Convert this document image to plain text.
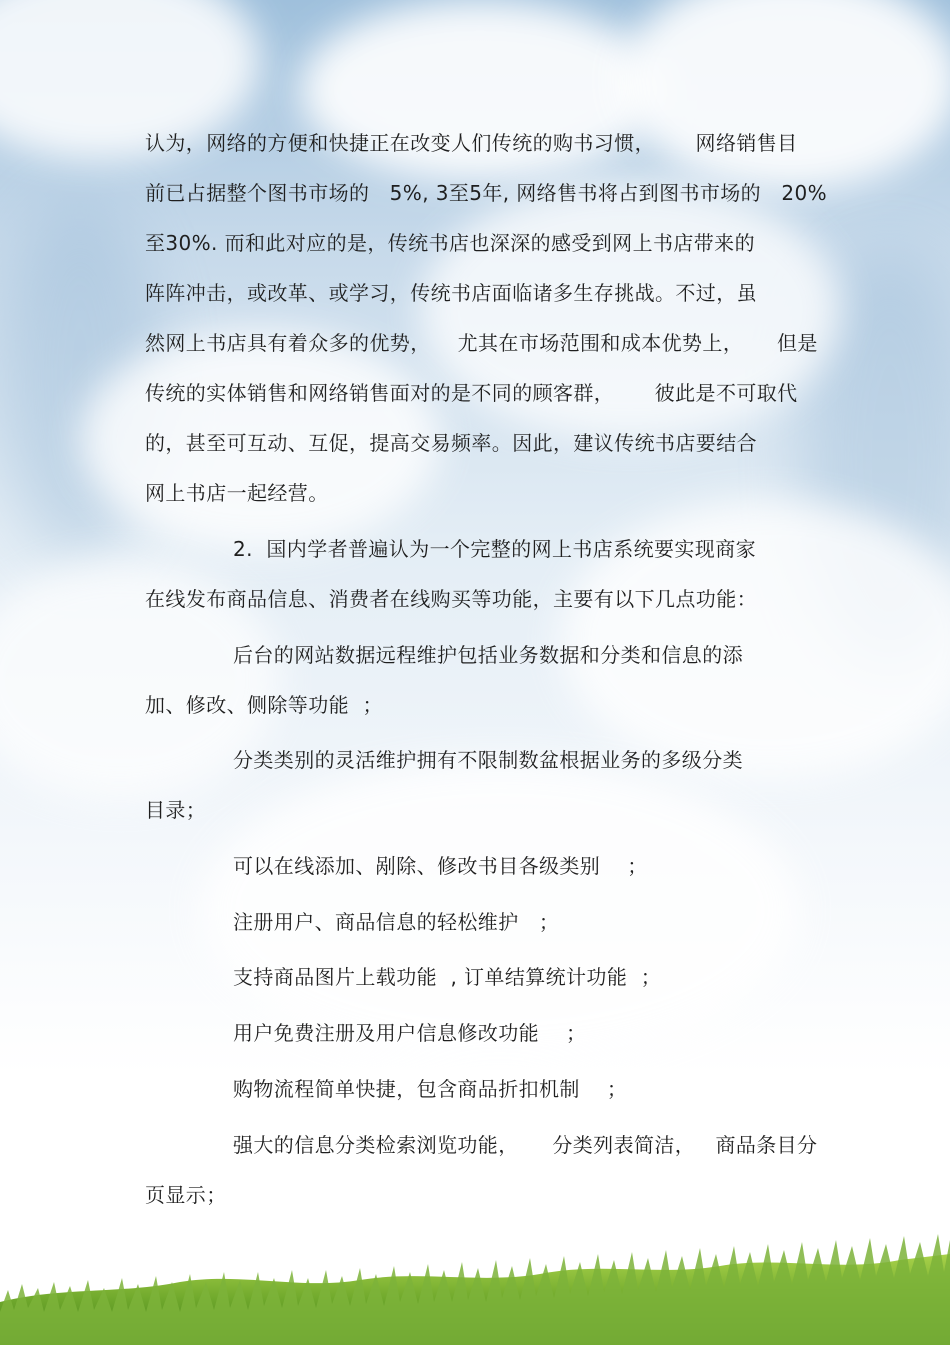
认为，网络的方便和快捷正在改变人们传统的购书习惯，      网络销售目
前已占据整个图书市场的   5%, 3至5年, 网络售书将占到图书市场的   20%
至30%. 而和此对应的是，传统书店也深深的感受到网上书店带来的
阵阵冲击，或改革、或学习，传统书店面临诸多生存挑战。不过，虽
然网上书店具有着众多的优势，    尤其在市场范围和成本优势上，     但是
传统的实体销售和网络销售面对的是不同的顾客群，      彼此是不可取代
的，甚至可互动、互促，提高交易频率。因此，建议传统书店要结合
网上书店一起经营。
2.  国内学者普遍认为一个完整的网上书店系统要实现商家
在线发布商品信息、消费者在线购买等功能，主要有以下几点功能：
后台的网站数据远程维护包括业务数据和分类和信息的添
加、修改、侧除等功能  ；
分类类别的灵活维护拥有不限制数盆根据业务的多级分类
目录；
可以在线添加、剐除、修改书目各级类别    ；
注册用户、商品信息的轻松维护   ；
支持商品图片上载功能  , 订单结算统计功能  ；
用户免费注册及用户信息修改功能    ；
购物流程简单快捷，包含商品折扣机制    ；
强大的信息分类检索浏览功能，     分类列表简洁，   商品条目分
页显示；
